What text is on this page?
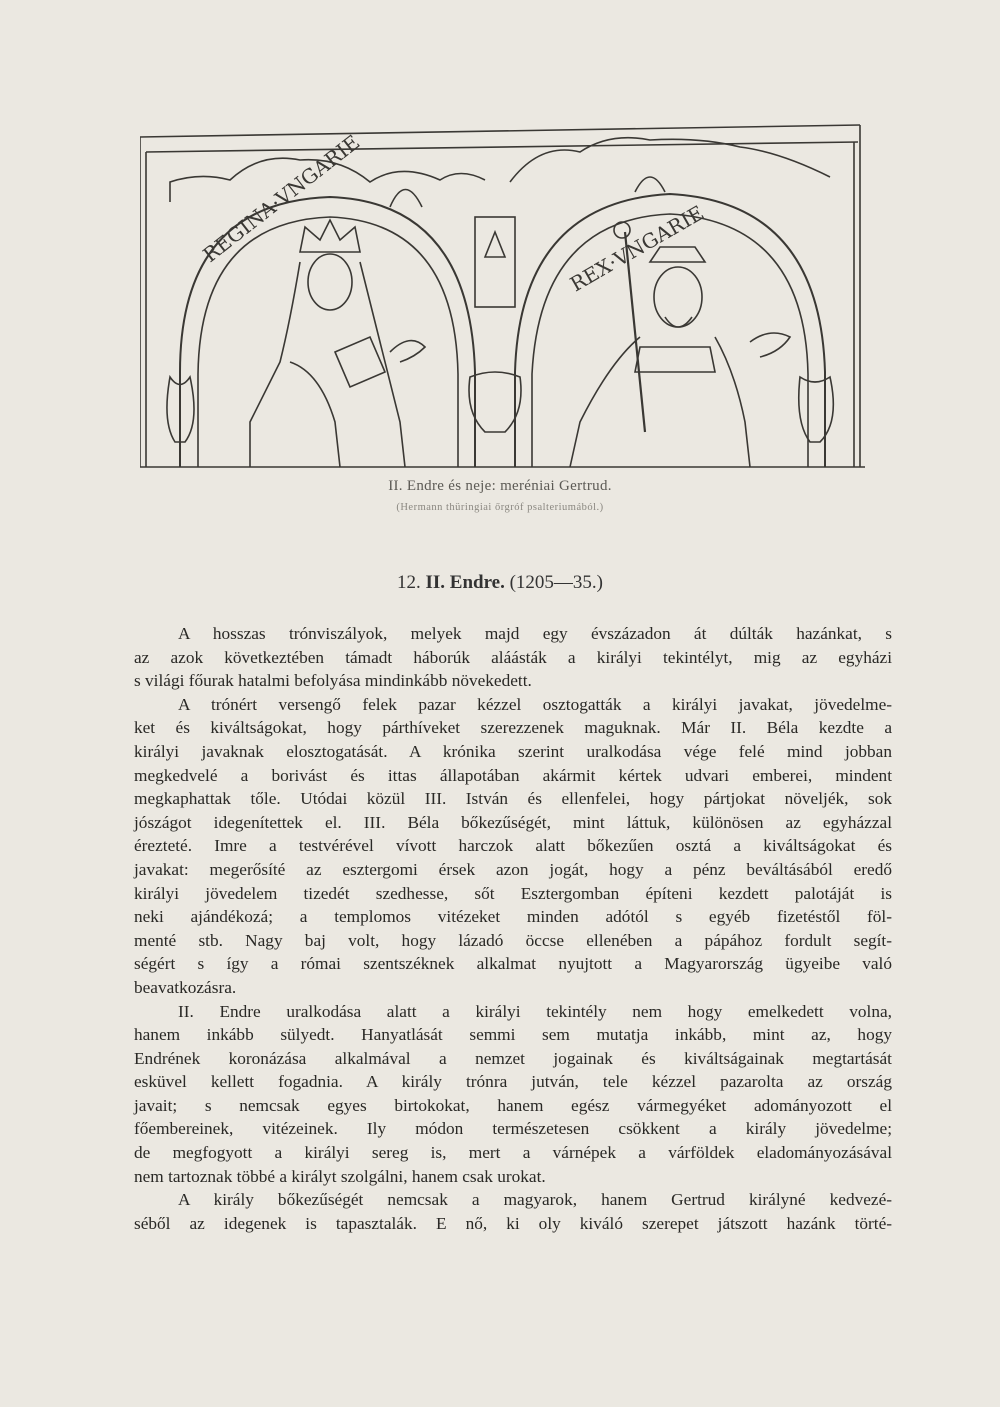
REGINA·VNGARIE	REX·VNGARIE
II. Endre és neje: meréniai Gertrud.
(Hermann thüringiai őrgróf psalteriumából.)
12. II. Endre. (1205—35.)
A hosszas trónviszályok, melyek majd egy évszázadon át dúlták hazánkat, s
az azok következtében támadt háborúk aláásták a királyi tekintélyt, mig az egyházi
s világi főurak hatalmi befolyása mindinkább növekedett.
A trónért versengő felek pazar kézzel osztogatták a királyi javakat, jövedelme-
ket és kiváltságokat, hogy párthíveket szerezzenek maguknak. Már II. Béla kezdte a
királyi javaknak elosztogatását. A krónika szerint uralkodása vége felé mind jobban
megkedvelé a borivást és ittas állapotában akármit kértek udvari emberei, mindent
megkaphattak tőle. Utódai közül III. István és ellenfelei, hogy pártjokat növeljék, sok
jószágot idegenítettek el. III. Béla bőkezűségét, mint láttuk, különösen az egyházzal
érezteté. Imre a testvérével vívott harczok alatt bőkezűen osztá a kiváltságokat és
javakat: megerősíté az esztergomi érsek azon jogát, hogy a pénz beváltásából eredő
királyi jövedelem tizedét szedhesse, sőt Esztergomban építeni kezdett palotáját is
neki ajándékozá; a templomos vitézeket minden adótól s egyéb fizetéstől föl-
menté stb. Nagy baj volt, hogy lázadó öccse ellenében a pápához fordult segít-
ségért s így a római szentszéknek alkalmat nyujtott a Magyarország ügyeibe való
beavatkozásra.
II. Endre uralkodása alatt a királyi tekintély nem hogy emelkedett volna,
hanem inkább sülyedt. Hanyatlását semmi sem mutatja inkább, mint az, hogy
Endrének koronázása alkalmával a nemzet jogainak és kiváltságainak megtartását
esküvel kellett fogadnia. A király trónra jutván, tele kézzel pazarolta az ország
javait; s nemcsak egyes birtokokat, hanem egész vármegyéket adományozott el
főembereinek, vitézeinek. Ily módon természetesen csökkent a király jövedelme;
de megfogyott a királyi sereg is, mert a várnépek a várföldek eladományozásával
nem tartoznak többé a királyt szolgálni, hanem csak urokat.
A király bőkezűségét nemcsak a magyarok, hanem Gertrud királyné kedvezé-
séből az idegenek is tapasztalák. E nő, ki oly kiváló szerepet játszott hazánk törté-
